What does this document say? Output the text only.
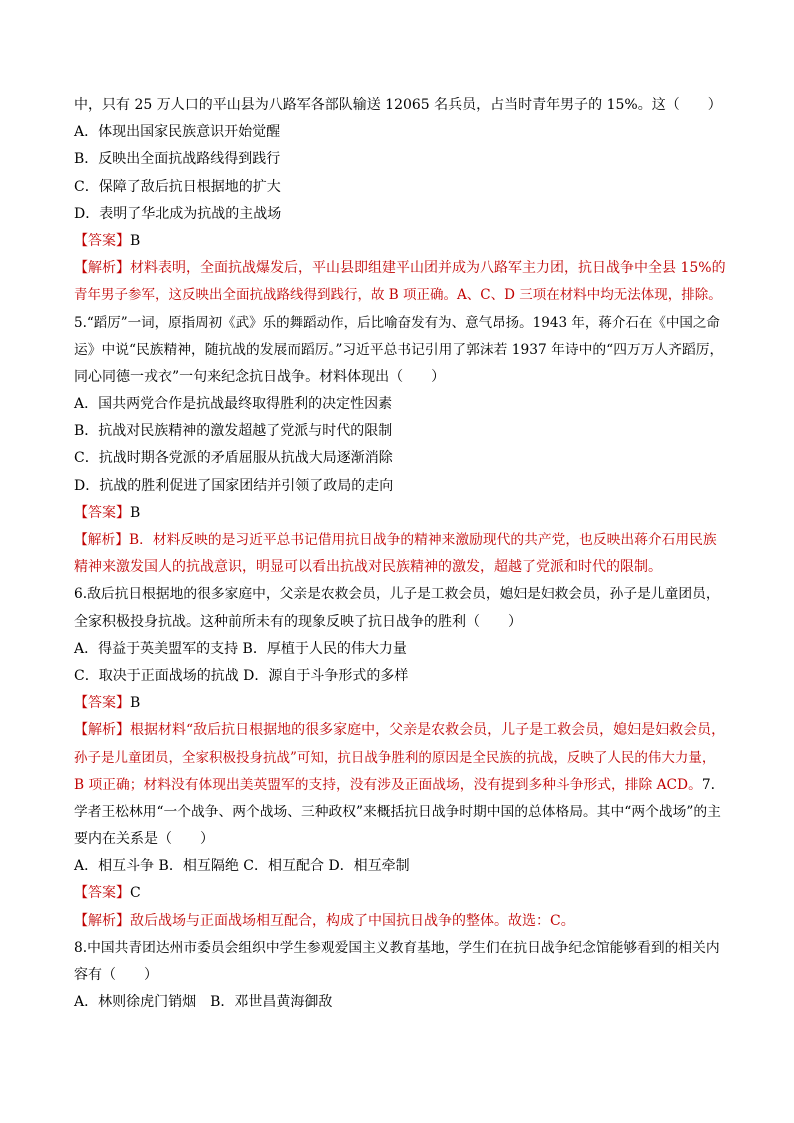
中，只有 25 万人口的平山县为八路军各部队输送 12065 名兵员，占当时青年男子的 15%。这（　　）
A．体现出国家民族意识开始觉醒
B．反映出全面抗战路线得到践行
C．保障了敌后抗日根据地的扩大
D．表明了华北成为抗战的主战场
【答案】B
【解析】材料表明，全面抗战爆发后，平山县即组建平山团并成为八路军主力团，抗日战争中全县 15%的
青年男子参军，这反映出全面抗战路线得到践行，故 B 项正确。A、C、D 三项在材料中均无法体现，排除。
5.“蹈厉”一词，原指周初《武》乐的舞蹈动作，后比喻奋发有为、意气昂扬。1943 年，蒋介石在《中国之命
运》中说“民族精神，随抗战的发展而蹈厉。”习近平总书记引用了郭沫若 1937 年诗中的“四万万人齐蹈厉，
同心同德一戎衣”一句来纪念抗日战争。材料体现出（　　）
A．国共两党合作是抗战最终取得胜利的决定性因素
B．抗战对民族精神的激发超越了党派与时代的限制
C．抗战时期各党派的矛盾屈服从抗战大局逐渐消除
D．抗战的胜利促进了国家团结并引领了政局的走向
【答案】B
【解析】B．材料反映的是习近平总书记借用抗日战争的精神来激励现代的共产党，也反映出蒋介石用民族
精神来激发国人的抗战意识，明显可以看出抗战对民族精神的激发，超越了党派和时代的限制。
6.敌后抗日根据地的很多家庭中，父亲是农救会员，儿子是工救会员，媳妇是妇救会员，孙子是儿童团员，
全家积极投身抗战。这种前所未有的现象反映了抗日战争的胜利（　　）
A．得益于英美盟军的支持 B．厚植于人民的伟大力量
C．取决于正面战场的抗战 D．源自于斗争形式的多样
【答案】B
【解析】根据材料“敌后抗日根据地的很多家庭中，父亲是农救会员，儿子是工救会员，媳妇是妇救会员，
孙子是儿童团员，全家积极投身抗战”可知，抗日战争胜利的原因是全民族的抗战，反映了人民的伟大力量，
B 项正确；材料没有体现出美英盟军的支持，没有涉及正面战场，没有提到多种斗争形式，排除 ACD。7.
学者王松林用“一个战争、两个战场、三种政权”来概括抗日战争时期中国的总体格局。其中“两个战场”的主
要内在关系是（　　）
A．相互斗争 B．相互隔绝 C．相互配合 D．相互牵制
【答案】C
【解析】敌后战场与正面战场相互配合，构成了中国抗日战争的整体。故选：C。
8.中国共青团达州市委员会组织中学生参观爱国主义教育基地，学生们在抗日战争纪念馆能够看到的相关内
容有（　　）
A．林则徐虎门销烟　B．邓世昌黄海御敌
